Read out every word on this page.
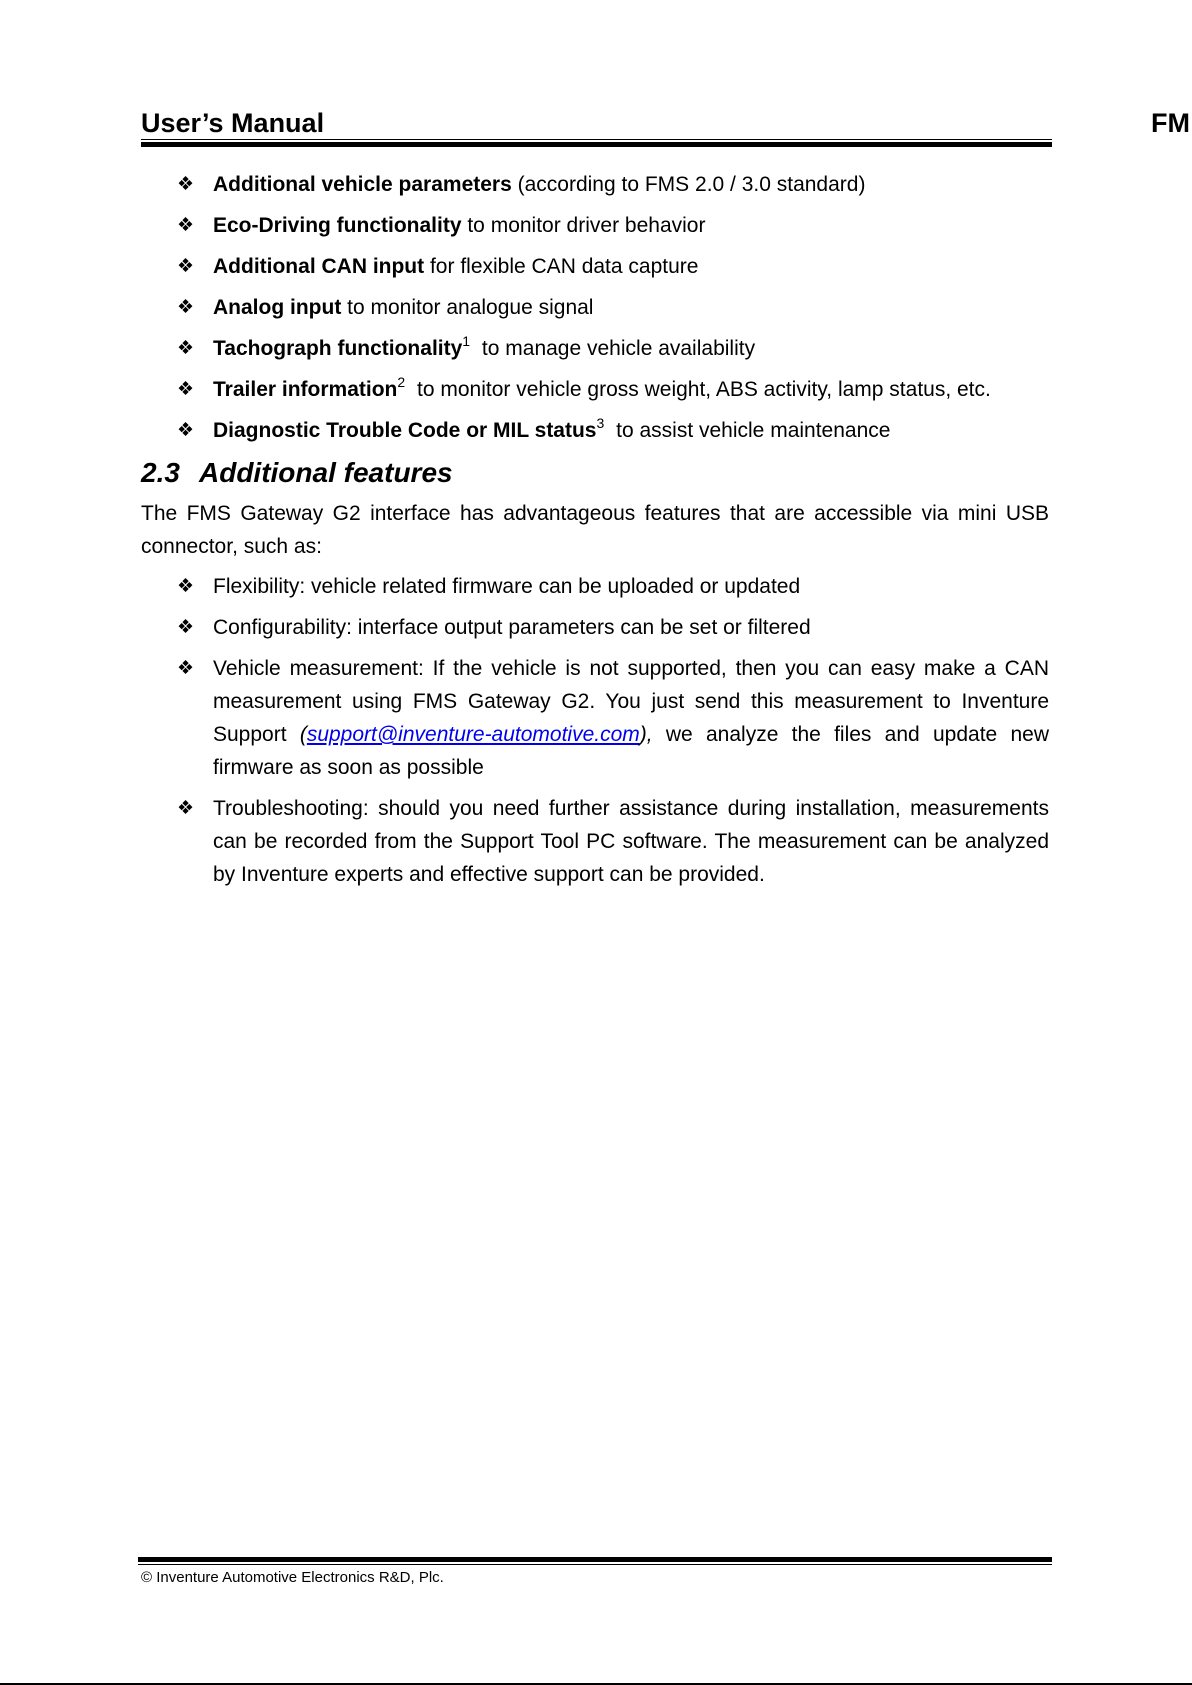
User’s Manual	FM
❖ Additional vehicle parameters (according to FMS 2.0 / 3.0 standard)
❖ Eco-Driving functionality to monitor driver behavior
❖ Additional CAN input for flexible CAN data capture
❖ Analog input to monitor analogue signal
❖ Tachograph functionality$^1$ to manage vehicle availability
❖ Trailer information$^2$ to monitor vehicle gross weight, ABS activity, lamp status, etc.
❖ Diagnostic Trouble Code or MIL status$^3$ to assist vehicle maintenance
2.3 Additional features

The FMS Gateway G2 interface has advantageous features that are accessible via mini USB connector, such as:

❖ Flexibility: vehicle related firmware can be uploaded or updated
❖ Configurability: interface output parameters can be set or filtered
❖ Vehicle measurement: If the vehicle is not supported, then you can easy make a CAN measurement using FMS Gateway G2. You just send this measurement to Inventure Support (support@inventure-automotive.com), we analyze the files and update new firmware as soon as possible
❖ Troubleshooting: should you need further assistance during installation, measurements can be recorded from the Support Tool PC software. The measurement can be analyzed by Inventure experts and effective support can be provided.
© Inventure Automotive Electronics R&D, Plc.
